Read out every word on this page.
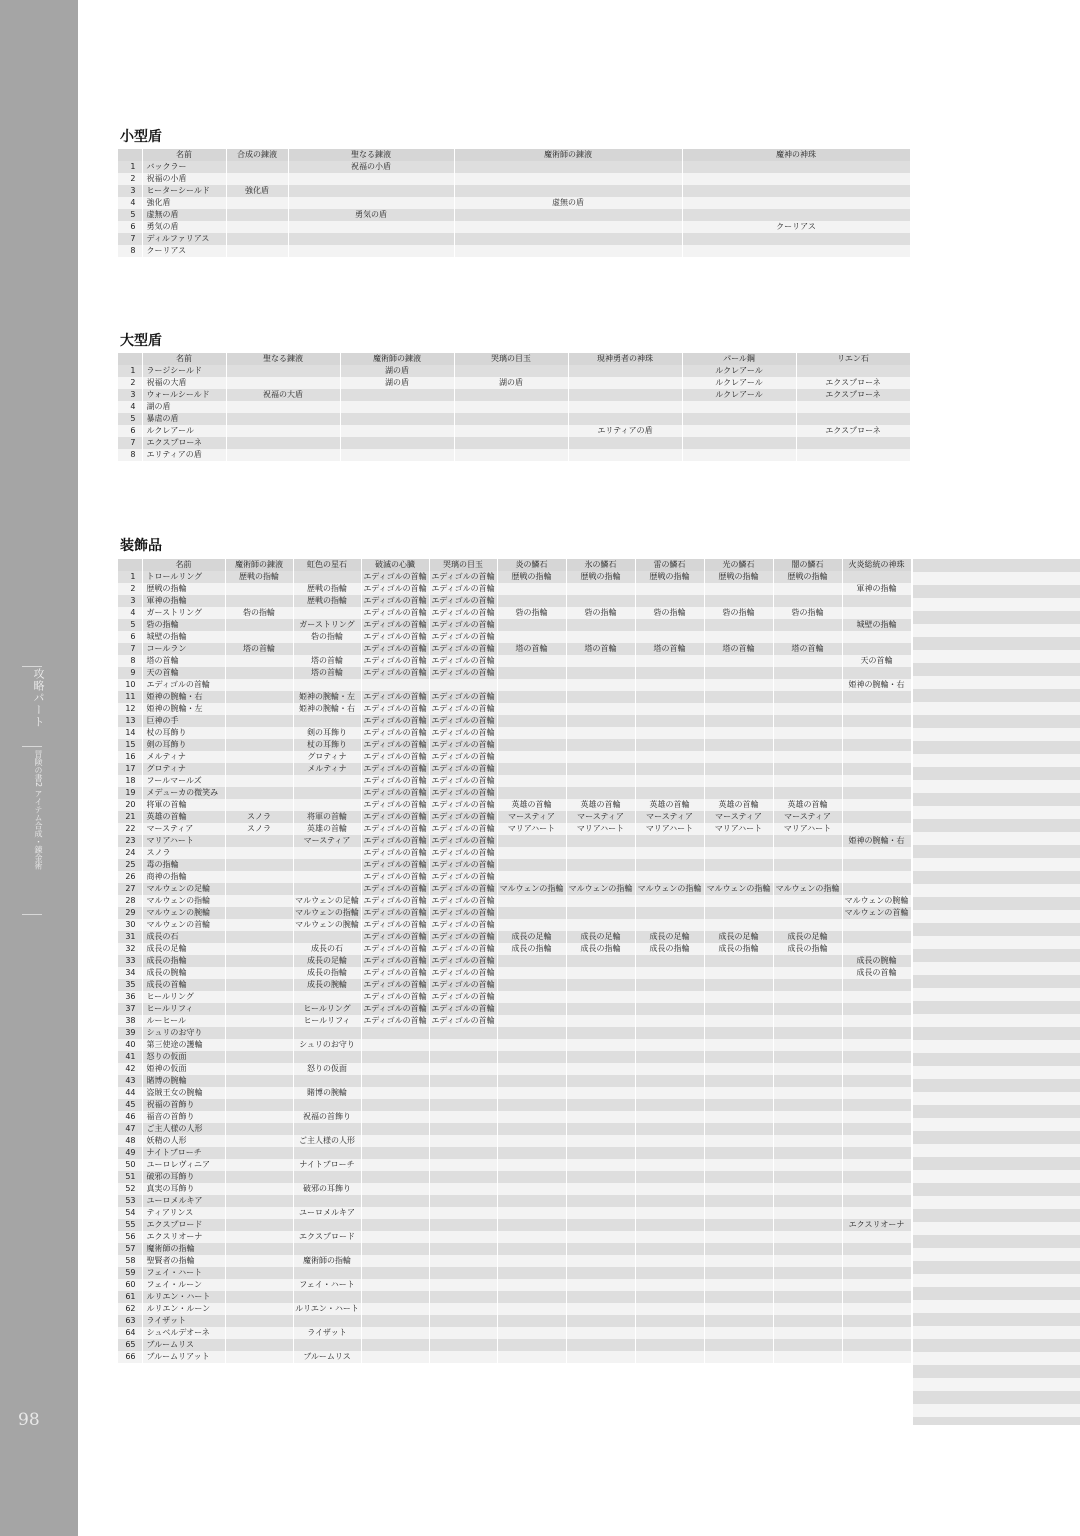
攻略パート
冒険の書2 アイテム合成・錬金術
98
小型盾
	名前	合成の錬液	聖なる錬液	魔術師の錬液	魔神の神珠
1	バックラー		祝福の小盾		
2	祝福の小盾				
3	ヒーターシールド	強化盾			
4	強化盾			虚無の盾	
5	虚無の盾		勇気の盾		
6	勇気の盾				クーリアス
7	ディルファリアス				
8	クーリアス				
大型盾
	名前	聖なる錬液	魔術師の錬液	哭璃の目玉	現神勇者の神珠	パール鋼	リエン石
1	ラージシールド		湖の盾			ルクレアール	
2	祝福の大盾		湖の盾	湖の盾		ルクレアール	エクスプローネ
3	ウォールシールド	祝福の大盾				ルクレアール	エクスプローネ
4	湖の盾						
5	暴虐の盾						
6	ルクレアール				エリティアの盾		エクスプローネ
7	エクスプローネ						
8	エリティアの盾						
装飾品
	名前	魔術師の錬液	虹色の星石	破滅の心臓	哭璃の目玉	炎の鱗石	氷の鱗石	雷の鱗石	光の鱗石	闇の鱗石	火炎総統の神珠
1	トロールリング	歴戦の指輪		エディゴルの首輪	エディゴルの首輪	歴戦の指輪	歴戦の指輪	歴戦の指輪	歴戦の指輪	歴戦の指輪	
2	歴戦の指輪		歴戦の指輪	エディゴルの首輪	エディゴルの首輪						軍神の指輪
3	軍神の指輪		歴戦の指輪	エディゴルの首輪	エディゴルの首輪						
4	ガーストリング	砦の指輪		エディゴルの首輪	エディゴルの首輪	砦の指輪	砦の指輪	砦の指輪	砦の指輪	砦の指輪	
5	砦の指輪		ガーストリング	エディゴルの首輪	エディゴルの首輪						城壁の指輪
6	城壁の指輪		砦の指輪	エディゴルの首輪	エディゴルの首輪						
7	コールラン	塔の首輪		エディゴルの首輪	エディゴルの首輪	塔の首輪	塔の首輪	塔の首輪	塔の首輪	塔の首輪	
8	塔の首輪		塔の首輪	エディゴルの首輪	エディゴルの首輪						天の首輪
9	天の首輪		塔の首輪	エディゴルの首輪	エディゴルの首輪						
10	エディゴルの首輪										姫神の腕輪・右
11	姫神の腕輪・右		姫神の腕輪・左	エディゴルの首輪	エディゴルの首輪						
12	姫神の腕輪・左		姫神の腕輪・右	エディゴルの首輪	エディゴルの首輪						
13	巨神の手			エディゴルの首輪	エディゴルの首輪						
14	杖の耳飾り		剣の耳飾り	エディゴルの首輪	エディゴルの首輪						
15	剣の耳飾り		杖の耳飾り	エディゴルの首輪	エディゴルの首輪						
16	メルティナ		グロティナ	エディゴルの首輪	エディゴルの首輪						
17	グロティナ		メルティナ	エディゴルの首輪	エディゴルの首輪						
18	フールマールズ			エディゴルの首輪	エディゴルの首輪						
19	メデューカの微笑み			エディゴルの首輪	エディゴルの首輪						
20	将軍の首輪			エディゴルの首輪	エディゴルの首輪	英雄の首輪	英雄の首輪	英雄の首輪	英雄の首輪	英雄の首輪	
21	英雄の首輪	スノラ	将軍の首輪	エディゴルの首輪	エディゴルの首輪	マースティア	マースティア	マースティア	マースティア	マースティア	
22	マースティア	スノラ	英雄の首輪	エディゴルの首輪	エディゴルの首輪	マリアハート	マリアハート	マリアハート	マリアハート	マリアハート	
23	マリアハート		マースティア	エディゴルの首輪	エディゴルの首輪						姫神の腕輪・右
24	スノラ			エディゴルの首輪	エディゴルの首輪						
25	毒の指輪			エディゴルの首輪	エディゴルの首輪						
26	商神の指輪			エディゴルの首輪	エディゴルの首輪						
27	マルウェンの足輪			エディゴルの首輪	エディゴルの首輪	マルウェンの指輪	マルウェンの指輪	マルウェンの指輪	マルウェンの指輪	マルウェンの指輪	
28	マルウェンの指輪		マルウェンの足輪	エディゴルの首輪	エディゴルの首輪						マルウェンの腕輪
29	マルウェンの腕輪		マルウェンの指輪	エディゴルの首輪	エディゴルの首輪						マルウェンの首輪
30	マルウェンの首輪		マルウェンの腕輪	エディゴルの首輪	エディゴルの首輪						
31	成長の石			エディゴルの首輪	エディゴルの首輪	成長の足輪	成長の足輪	成長の足輪	成長の足輪	成長の足輪	
32	成長の足輪		成長の石	エディゴルの首輪	エディゴルの首輪	成長の指輪	成長の指輪	成長の指輪	成長の指輪	成長の指輪	
33	成長の指輪		成長の足輪	エディゴルの首輪	エディゴルの首輪						成長の腕輪
34	成長の腕輪		成長の指輪	エディゴルの首輪	エディゴルの首輪						成長の首輪
35	成長の首輪		成長の腕輪	エディゴルの首輪	エディゴルの首輪						
36	ヒールリング			エディゴルの首輪	エディゴルの首輪						
37	ヒールリフィ		ヒールリング	エディゴルの首輪	エディゴルの首輪						
38	ルーヒール		ヒールリフィ	エディゴルの首輪	エディゴルの首輪						
39	シュリのお守り										
40	第三使途の護輪		シュリのお守り								
41	怒りの仮面										
42	姫神の仮面		怒りの仮面								
43	賭博の腕輪										
44	盗賊王女の腕輪		賭博の腕輪								
45	祝福の首飾り										
46	福音の首飾り		祝福の首飾り								
47	ご主人様の人形										
48	妖精の人形		ご主人様の人形								
49	ナイトブローチ										
50	ユーロレヴィニア		ナイトブローチ								
51	破邪の耳飾り										
52	真実の耳飾り		破邪の耳飾り								
53	ユーロメルキア										
54	ティアリンス		ユーロメルキア								
55	エクスプロード										エクスリオーナ
56	エクスリオーナ		エクスプロード								
57	魔術師の指輪										
58	聖賢者の指輪		魔術師の指輪								
59	フェイ・ハート										
60	フェイ・ルーン		フェイ・ハート								
61	ルリエン・ハート										
62	ルリエン・ルーン		ルリエン・ハート								
63	ライザット										
64	シュベルデオーネ		ライザット								
65	ブルームリス										
66	ブルームリアット		ブルームリス								
